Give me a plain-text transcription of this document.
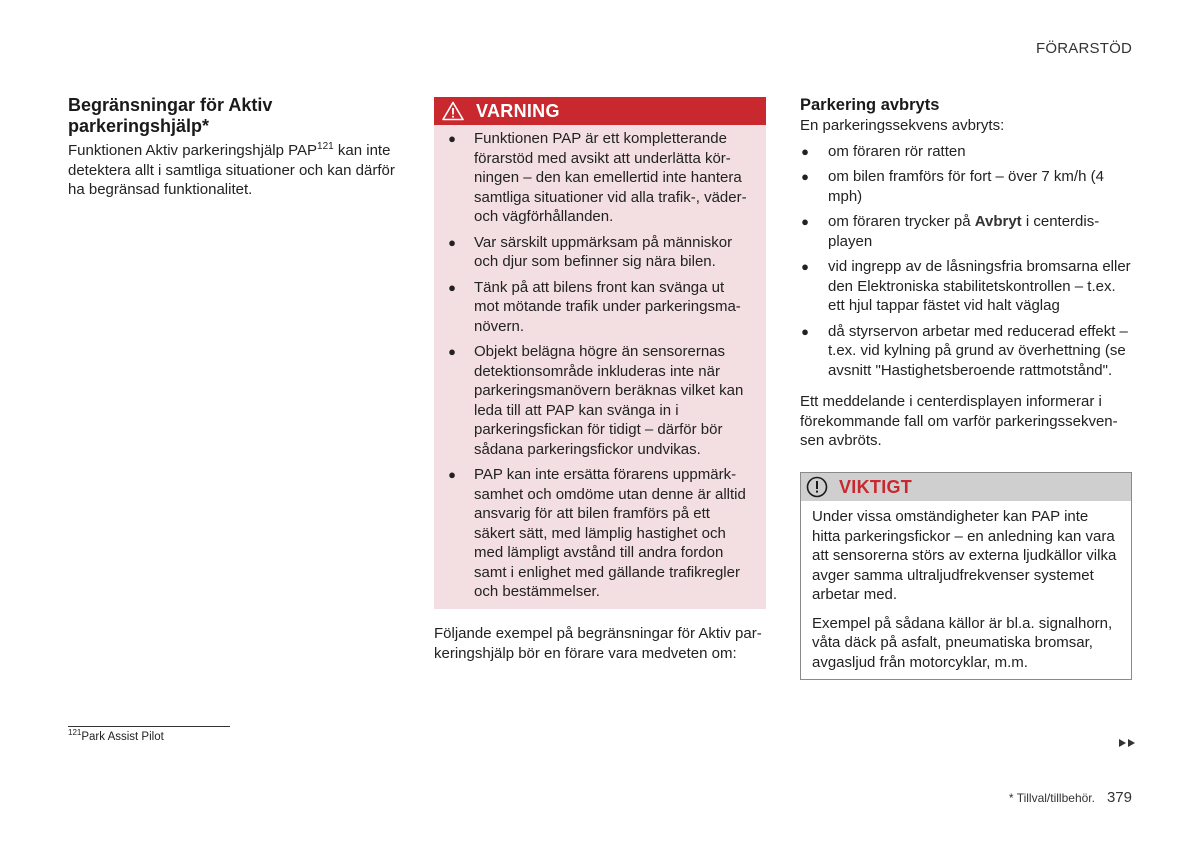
FÖRARSTÖD
Begränsningar för Aktiv parkeringshjälp*
Funktionen Aktiv parkeringshjälp PAP$^{121}$ kan inte detektera allt i samtliga situationer och kan därför ha begränsad funktionalitet.
VARNING
● Funktionen PAP är ett kompletterande förarstöd med avsikt att underlätta körningen – den kan emellertid inte hantera samtliga situationer vid alla trafik-, väder- och vägförhållanden.
● Var särskilt uppmärksam på människor och djur som befinner sig nära bilen.
● Tänk på att bilens front kan svänga ut mot mötande trafik under parkeringsmanövern.
● Objekt belägna högre än sensorernas detektionsområde inkluderas inte när parkeringsmanövern beräknas vilket kan leda till att PAP kan svänga in i parkeringsfickan för tidigt – därför bör sådana parkeringsfickor undvikas.
● PAP kan inte ersätta förarens uppmärksamhet och omdöme utan denne är alltid ansvarig för att bilen framförs på ett säkert sätt, med lämplig hastighet och med lämpligt avstånd till andra fordon samt i enlighet med gällande trafikregler och bestämmelser.
Följande exempel på begränsningar för Aktiv parkeringshjälp bör en förare vara medveten om:
Parkering avbryts
En parkeringssekvens avbryts:
● om föraren rör ratten
● om bilen framförs för fort – över 7 km/h (4 mph)
● om föraren trycker på Avbryt i centerdisplayen
● vid ingrepp av de låsningsfria bromsarna eller den Elektroniska stabilitetskontrollen – t.ex. ett hjul tappar fästet vid halt väglag
● då styrservon arbetar med reducerad effekt – t.ex. vid kylning på grund av överhettning (se avsnitt "Hastighetsberoende rattmotstånd".
Ett meddelande i centerdisplayen informerar i förekommande fall om varför parkeringssekvensen avbröts.
VIKTIGT

Under vissa omständigheter kan PAP inte hitta parkeringsfickor – en anledning kan vara att sensorerna störs av externa ljudkällor vilka avger samma ultraljudfrekvenser systemet arbetar med.

Exempel på sådana källor är bl.a. signalhorn, våta däck på asfalt, pneumatiska bromsar, avgasljud från motorcyklar, m.m.

$^{121}$Park Assist Pilot
* Tillval/tillbehör. 379
